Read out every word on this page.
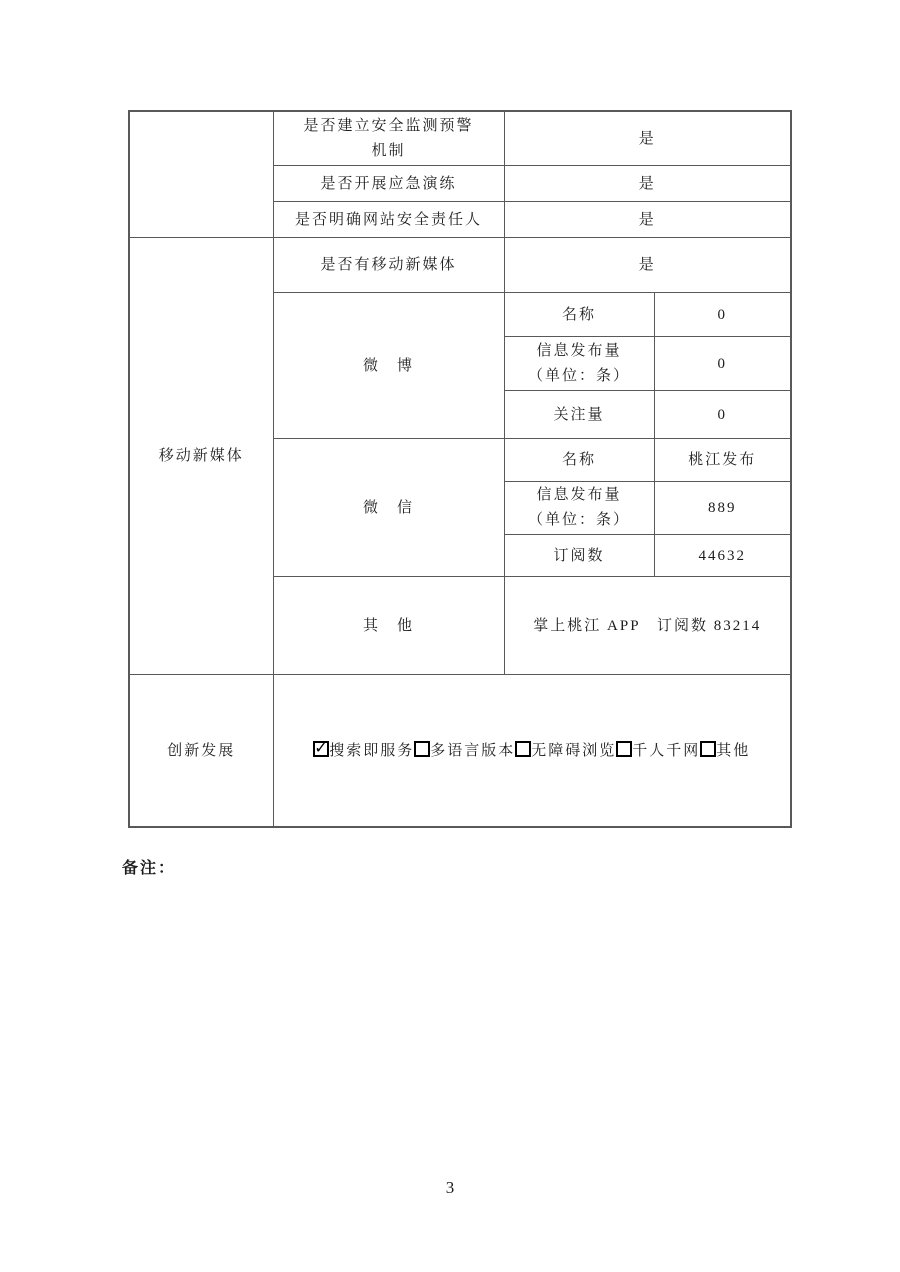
	是否建立安全监测预警
机制	是	
	是否开展应急演练	是	
	是否明确网站安全责任人	是	
移动新媒体	是否有移动新媒体	是	
	微　博	名称	0

		信息发布量
（单位：条）	0
		关注量	0
	微　信	名称	桃江发布

		信息发布量
（单位：条）	889
		订阅数	44632
	其　他	掌上桃江 APP　订阅数 83214	
创新发展	✓搜索即服务 多语言版本 无障碍浏览 千人千网 其他
备注：
3
